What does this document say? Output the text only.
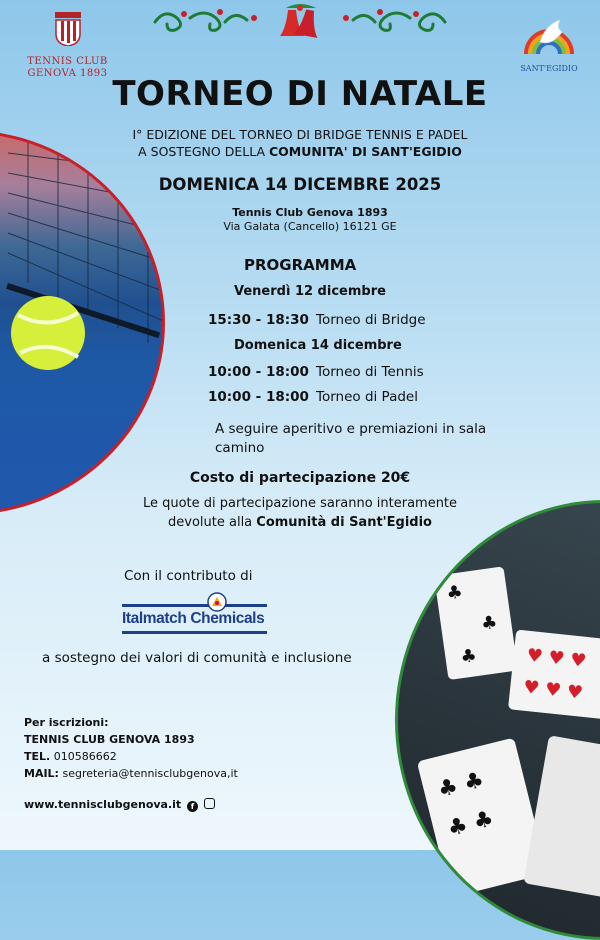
TENNIS CLUB
GENOVA 1893	SANT'EGIDIO
TORNEO DI NATALE
I° EDIZIONE DEL TORNEO DI BRIDGE TENNIS E PADEL
A SOSTEGNO DELLA COMUNITA' DI SANT'EGIDIO
DOMENICA 14 DICEMBRE 2025
Tennis Club Genova 1893
Via Galata (Cancello) 16121 GE
PROGRAMMA
Venerdì 12 dicembre
15:30 - 18:30 Torneo di Bridge
Domenica 14 dicembre
10:00 - 18:00 Torneo di Tennis
10:00 - 18:00 Torneo di Padel
A seguire aperitivo e premiazioni in sala
camino
Costo di partecipazione 20€
Le quote di partecipazione saranno interamente
devolute alla Comunità di Sant'Egidio
Con il contributo di
Italmatch Chemicals
a sostegno dei valori di comunità e inclusione
Per iscrizioni:
TENNIS CLUB GENOVA 1893
TEL. 010586662
MAIL: segreteria@tennisclubgenova,it
www.tennisclubgenova.it f
♣
♣
♣	♥ ♥ ♥
♥ ♥ ♥
♣ ♣
♣ ♣
